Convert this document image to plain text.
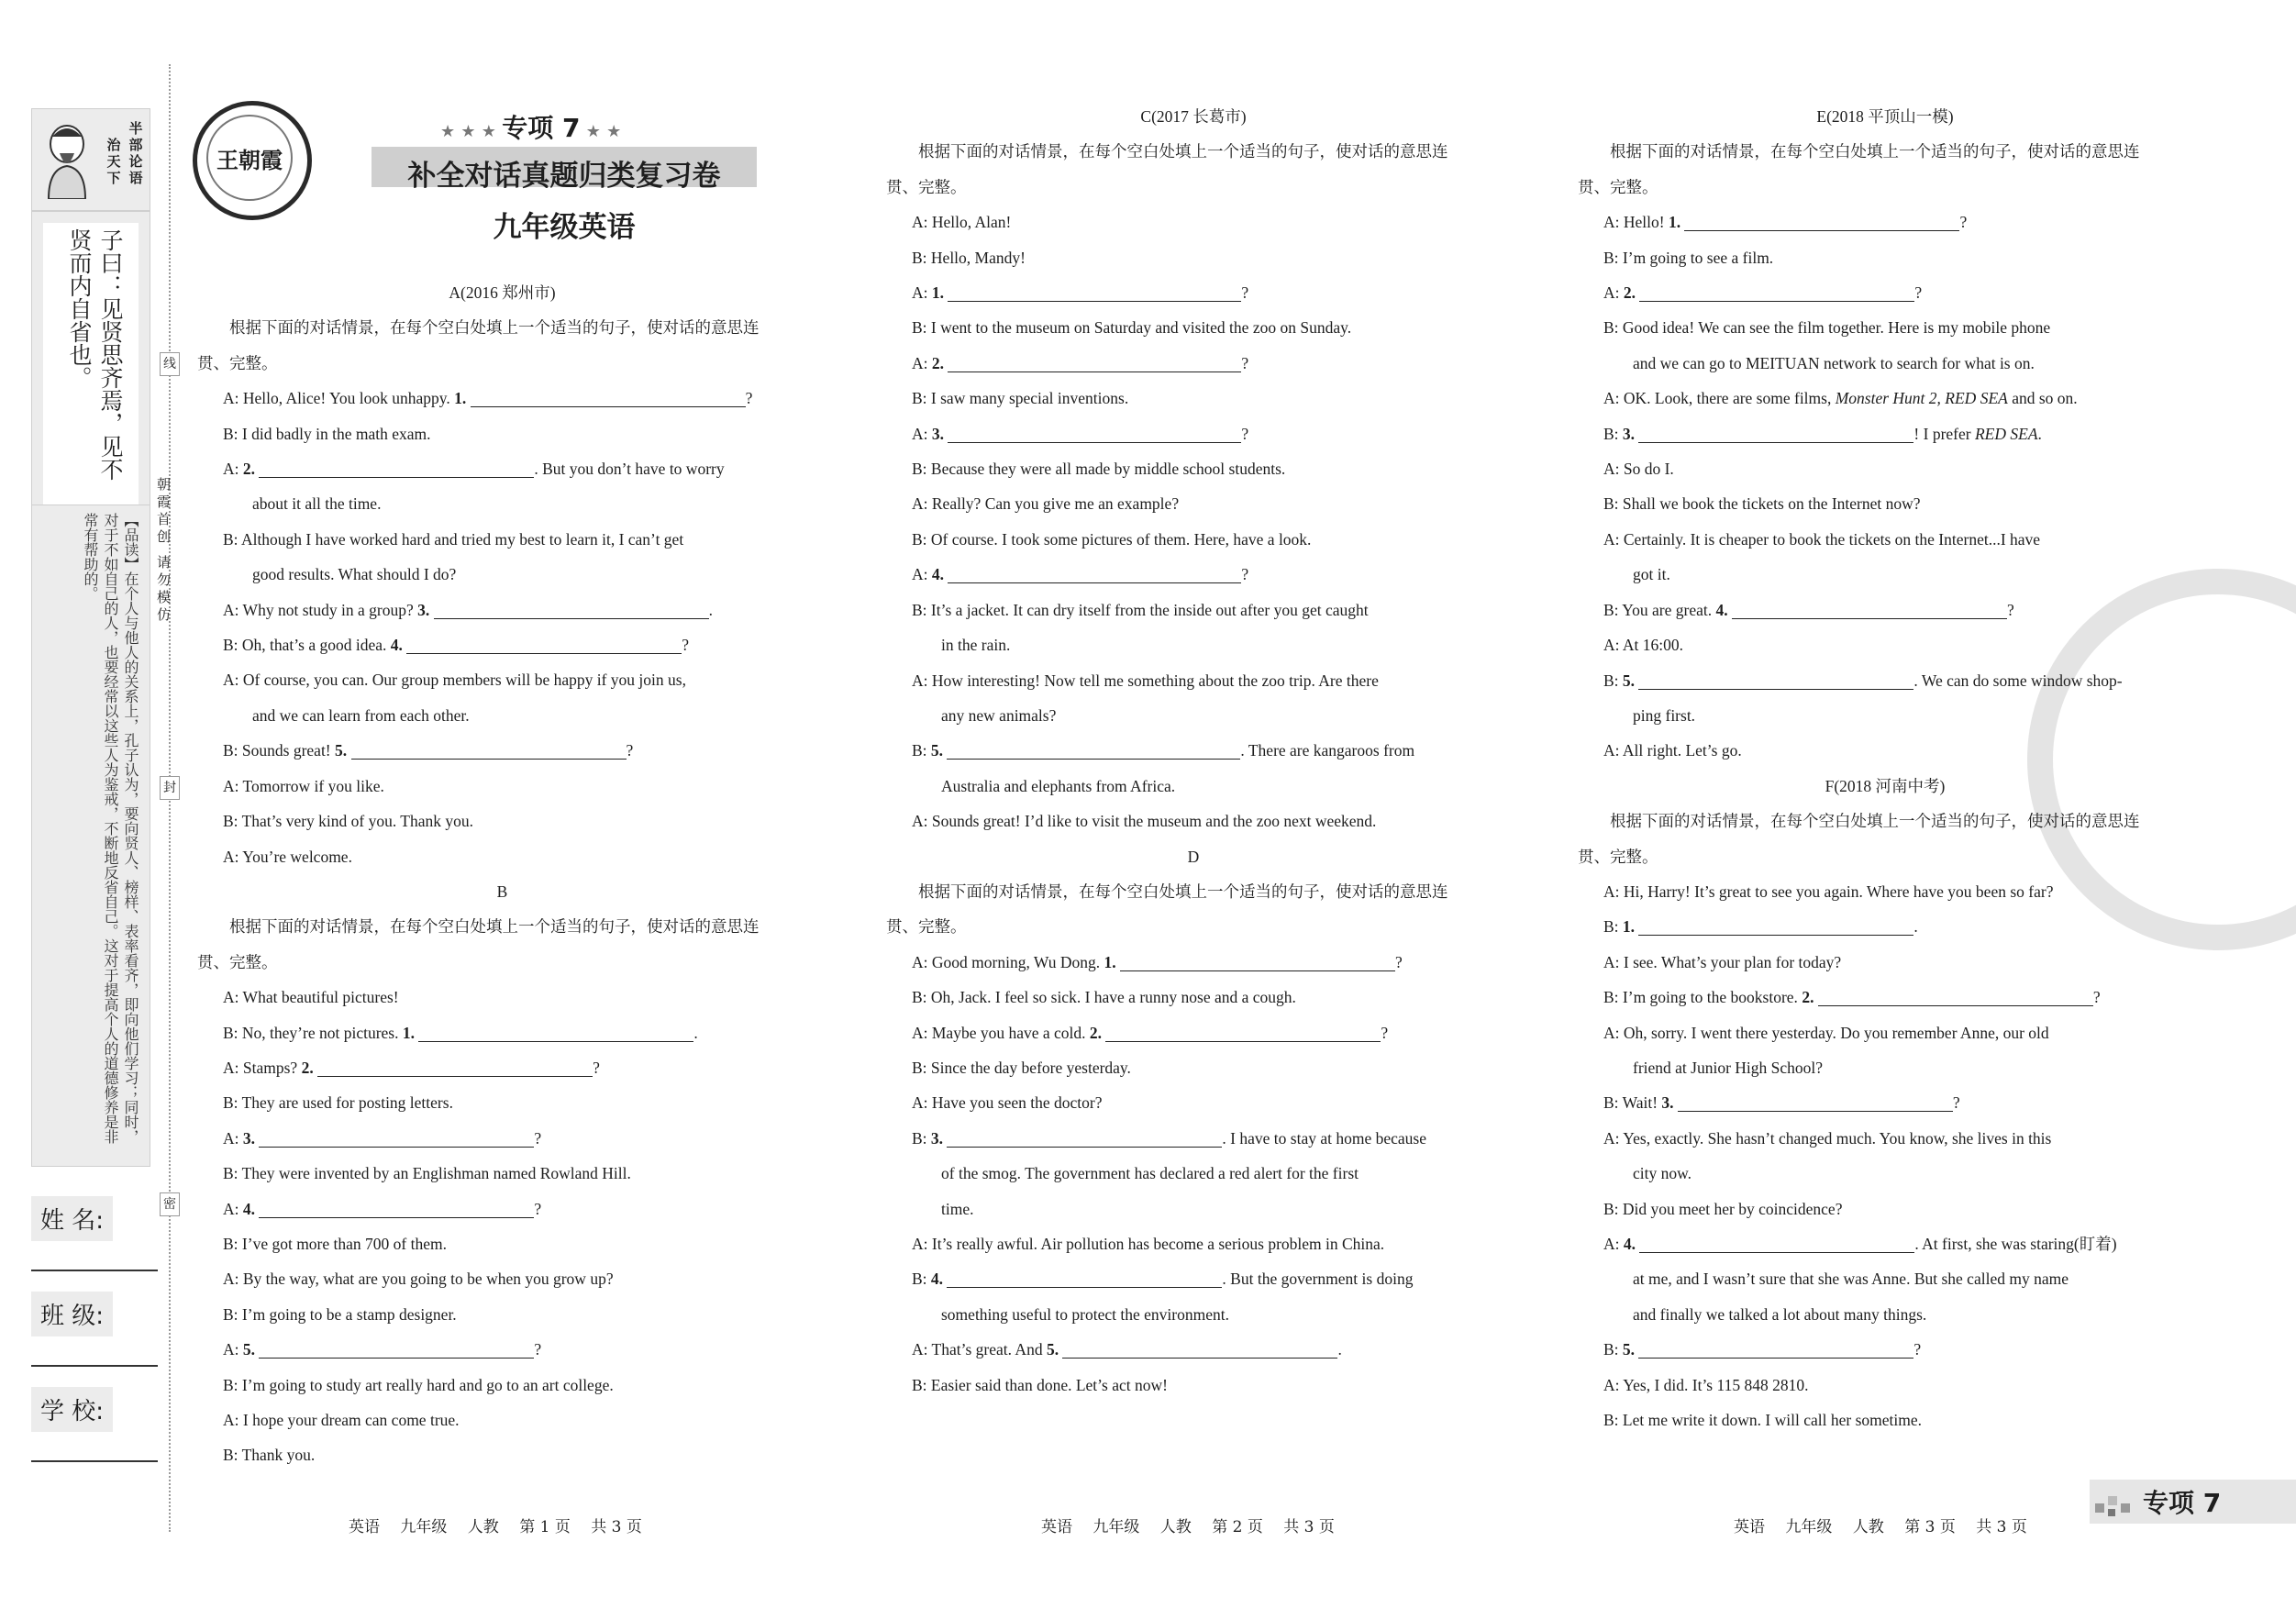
半
部
论
语
治
天
下
子曰：见贤思齐焉，见不贤而内自省也。
【品读】在个人与他人的关系上，孔子认为，要向贤人、榜样、表率看齐，即向他们学习；同时，对于不如自己的人，也要经常以这些人为鉴戒，不断地反省自己。这对于提高个人的道德修养是非常有帮助的。
线
朝霞首创 请勿模仿
封
密
姓 名:
班 级:
学 校:
王朝霞
★ ★ ★ 专项 7 ★ ★
补全对话真题归类复习卷
九年级英语
A(2016 郑州市)
　　根据下面的对话情景，在每个空白处填上一个适当的句子，使对话的意思连
贯、完整。
A: Hello, Alice! You look unhappy. 1.	?
B: I did badly in the math exam.
A: 2.	. But you don’t have to worry
about it all the time.
B: Although I have worked hard and tried my best to learn it, I can’t get
good results. What should I do?
A: Why not study in a group? 3.	.
B: Oh, that’s a good idea. 4.	?
A: Of course, you can. Our group members will be happy if you join us,
and we can learn from each other.
B: Sounds great! 5.	?
A: Tomorrow if you like.
B: That’s very kind of you. Thank you.
A: You’re welcome.
B
　　根据下面的对话情景，在每个空白处填上一个适当的句子，使对话的意思连
贯、完整。
A: What beautiful pictures!
B: No, they’re not pictures. 1.	.
A: Stamps? 2.	?
B: They are used for posting letters.
A: 3.	?
B: They were invented by an Englishman named Rowland Hill.
A: 4.	?
B: I’ve got more than 700 of them.
A: By the way, what are you going to be when you grow up?
B: I’m going to be a stamp designer.
A: 5.	?
B: I’m going to study art really hard and go to an art college.
A: I hope your dream can come true.
B: Thank you.
C(2017 长葛市)
　　根据下面的对话情景，在每个空白处填上一个适当的句子，使对话的意思连
贯、完整。
A: Hello, Alan!
B: Hello, Mandy!
A: 1.	?
B: I went to the museum on Saturday and visited the zoo on Sunday.
A: 2.	?
B: I saw many special inventions.
A: 3.	?
B: Because they were all made by middle school students.
A: Really? Can you give me an example?
B: Of course. I took some pictures of them. Here, have a look.
A: 4.	?
B: It’s a jacket. It can dry itself from the inside out after you get caught
in the rain.
A: How interesting! Now tell me something about the zoo trip. Are there
any new animals?
B: 5.	. There are kangaroos from
Australia and elephants from Africa.
A: Sounds great! I’d like to visit the museum and the zoo next weekend.
D
　　根据下面的对话情景，在每个空白处填上一个适当的句子，使对话的意思连
贯、完整。
A: Good morning, Wu Dong. 1.	?
B: Oh, Jack. I feel so sick. I have a runny nose and a cough.
A: Maybe you have a cold. 2.	?
B: Since the day before yesterday.
A: Have you seen the doctor?
B: 3.	. I have to stay at home because
of the smog. The government has declared a red alert for the first
time.
A: It’s really awful. Air pollution has become a serious problem in China.
B: 4.	. But the government is doing
something useful to protect the environment.
A: That’s great. And 5.	.
B: Easier said than done. Let’s act now!
E(2018 平顶山一模)
　　根据下面的对话情景，在每个空白处填上一个适当的句子，使对话的意思连
贯、完整。
A: Hello! 1.	?
B: I’m going to see a film.
A: 2.	?
B: Good idea! We can see the film together. Here is my mobile phone
and we can go to MEITUAN network to search for what is on.
A: OK. Look, there are some films, Monster Hunt 2, RED SEA and so on.
B: 3.	! I prefer RED SEA.
A: So do I.
B: Shall we book the tickets on the Internet now?
A: Certainly. It is cheaper to book the tickets on the Internet...I have
got it.
B: You are great. 4.	?
A: At 16:00.
B: 5.	. We can do some window shop-
ping first.
A: All right. Let’s go.
F(2018 河南中考)
　　根据下面的对话情景，在每个空白处填上一个适当的句子，使对话的意思连
贯、完整。
A: Hi, Harry! It’s great to see you again. Where have you been so far?
B: 1.	.
A: I see. What’s your plan for today?
B: I’m going to the bookstore. 2.	?
A: Oh, sorry. I went there yesterday. Do you remember Anne, our old
friend at Junior High School?
B: Wait! 3.	?
A: Yes, exactly. She hasn’t changed much. You know, she lives in this
city now.
B: Did you meet her by coincidence?
A: 4.	. At first, she was staring(盯着)
at me, and I wasn’t sure that she was Anne. But she called my name
and finally we talked a lot about many things.
B: 5.	?
A: Yes, I did. It’s 115 848 2810.
B: Let me write it down. I will call her sometime.
英语　 九年级　 人教　 第 1 页　 共 3 页	英语　 九年级　 人教　 第 2 页　 共 3 页	英语　 九年级　 人教　 第 3 页　 共 3 页
专项 7
